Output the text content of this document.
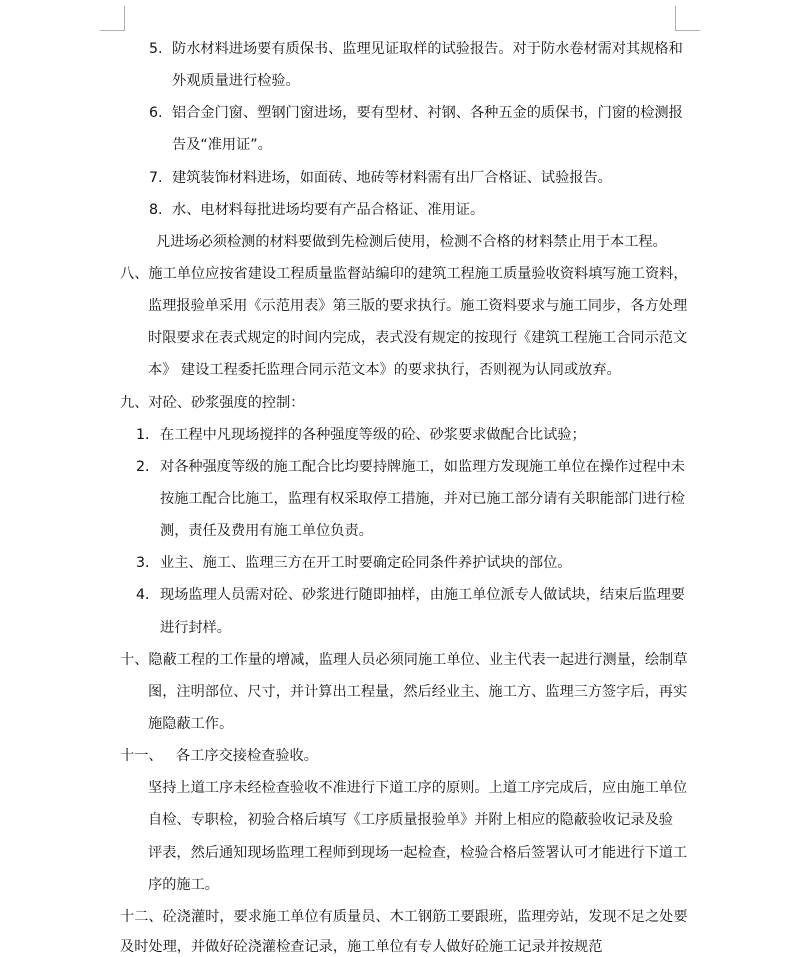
5. 防水材料进场要有质保书、监理见证取样的试验报告。对于防水卷材需对其规格和
外观质量进行检验。
6. 铝合金门窗、塑钢门窗进场，要有型材、衬钢、各种五金的质保书，门窗的检测报
告及“准用证”。
7. 建筑装饰材料进场，如面砖、地砖等材料需有出厂合格证、试验报告。
8. 水、电材料每批进场均要有产品合格证、准用证。
凡进场必须检测的材料要做到先检测后使用，检测不合格的材料禁止用于本工程。
八、施工单位应按省建设工程质量监督站编印的建筑工程施工质量验收资料填写施工资料，
监理报验单采用《示范用表》第三版的要求执行。施工资料要求与施工同步，各方处理
时限要求在表式规定的时间内完成，表式没有规定的按现行《建筑工程施工合同示范文
本》 建设工程委托监理合同示范文本》的要求执行，否则视为认同或放弃。
九、对砼、砂浆强度的控制：
1． 在工程中凡现场搅拌的各种强度等级的砼、砂浆要求做配合比试验；
2． 对各种强度等级的施工配合比均要持牌施工，如监理方发现施工单位在操作过程中未
按施工配合比施工，监理有权采取停工措施，并对已施工部分请有关职能部门进行检
测，责任及费用有施工单位负责。
3． 业主、施工、监理三方在开工时要确定砼同条件养护试块的部位。
4． 现场监理人员需对砼、砂浆进行随即抽样，由施工单位派专人做试块，结束后监理要
进行封样。
十、隐蔽工程的工作量的增减，监理人员必须同施工单位、业主代表一起进行测量，绘制草
图，注明部位、尺寸，并计算出工程量，然后经业主、施工方、监理三方签字后，再实
施隐蔽工作。
十一、 各工序交接检查验收。
坚持上道工序未经检查验收不准进行下道工序的原则。上道工序完成后，应由施工单位
自检、专职检，初验合格后填写《工序质量报验单》并附上相应的隐蔽验收记录及验
评表，然后通知现场监理工程师到现场一起检查，检验合格后签署认可才能进行下道工
序的施工。
十二、砼浇灌时，要求施工单位有质量员、木工钢筋工要跟班，监理旁站，发现不足之处要
及时处理，并做好砼浇灌检查记录，施工单位有专人做好砼施工记录并按规范
